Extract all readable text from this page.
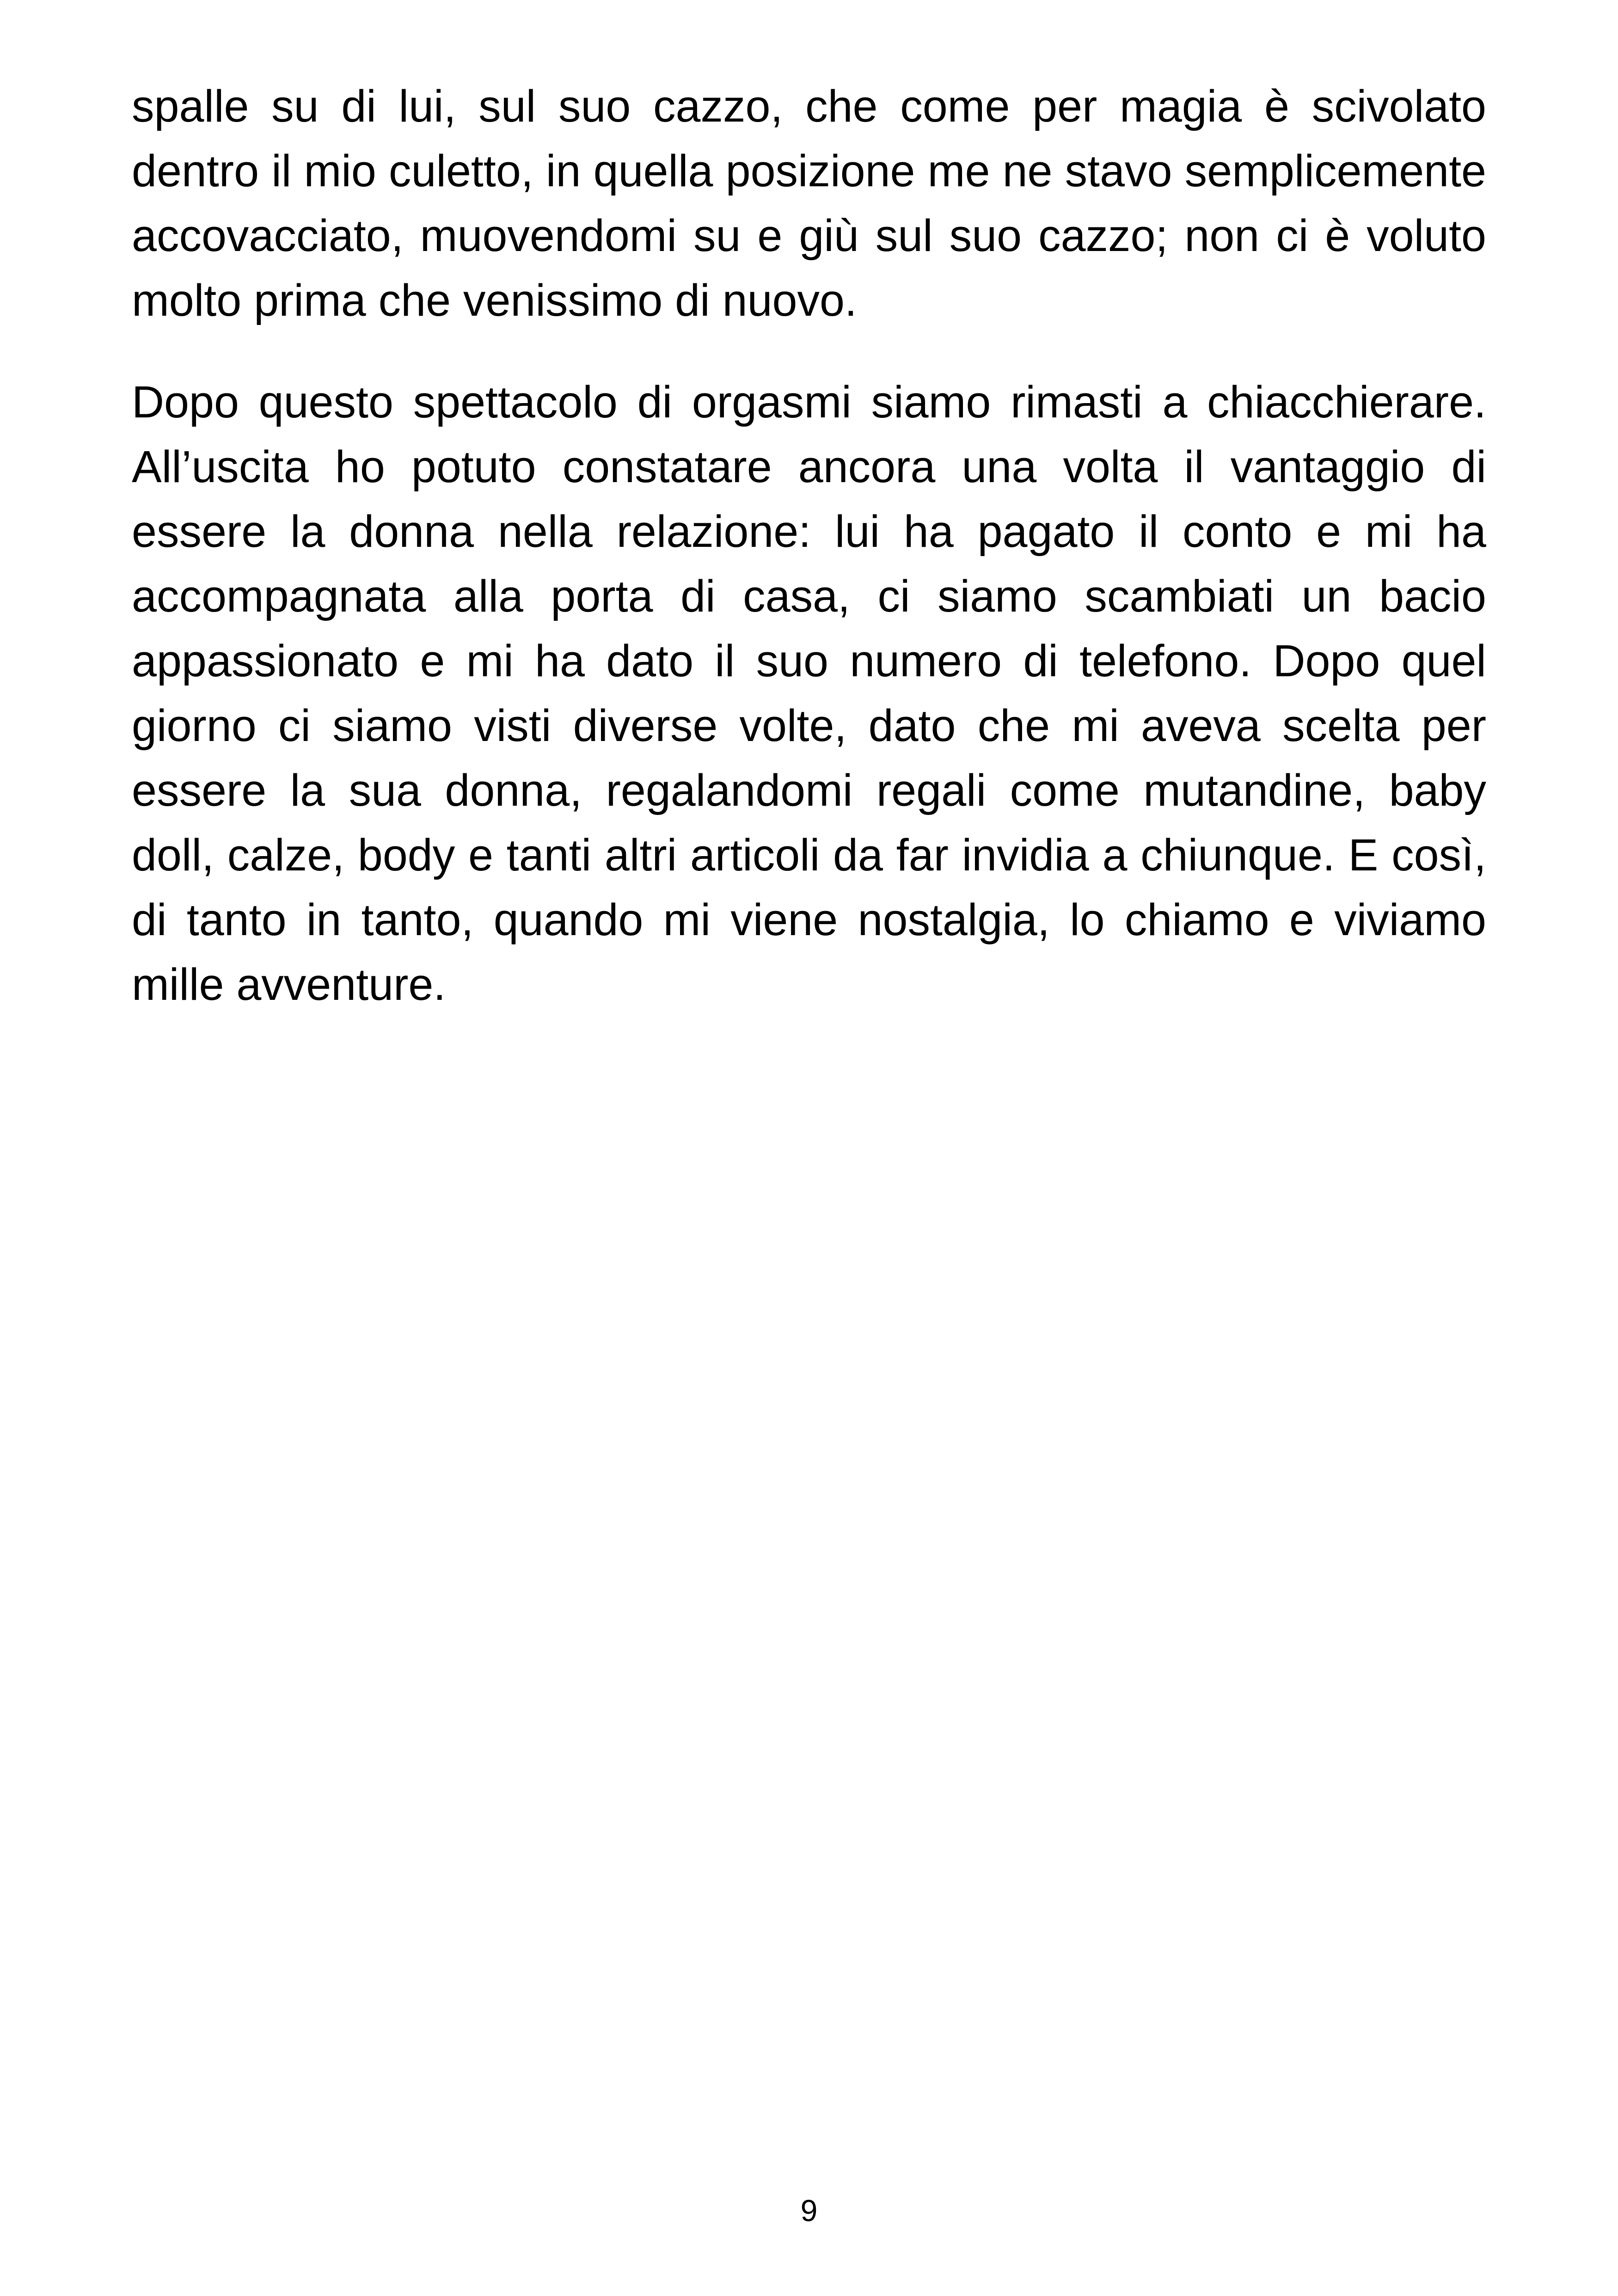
spalle su di lui, sul suo cazzo, che come per magia è scivolato dentro il mio culetto, in quella posizione me ne stavo semplicemente accovacciato, muovendomi su e giù sul suo cazzo; non ci è voluto molto prima che venissimo di nuovo.

Dopo questo spettacolo di orgasmi siamo rimasti a chiacchierare. All’uscita ho potuto constatare ancora una volta il vantaggio di essere la donna nella relazione: lui ha pagato il conto e mi ha accompagnata alla porta di casa, ci siamo scambiati un bacio appassionato e mi ha dato il suo numero di telefono. Dopo quel giorno ci siamo visti diverse volte, dato che mi aveva scelta per essere la sua donna, regalandomi regali come mutandine, baby doll, calze, body e tanti altri articoli da far invidia a chiunque. E così, di tanto in tanto, quando mi viene nostalgia, lo chiamo e viviamo mille avventure.

9
